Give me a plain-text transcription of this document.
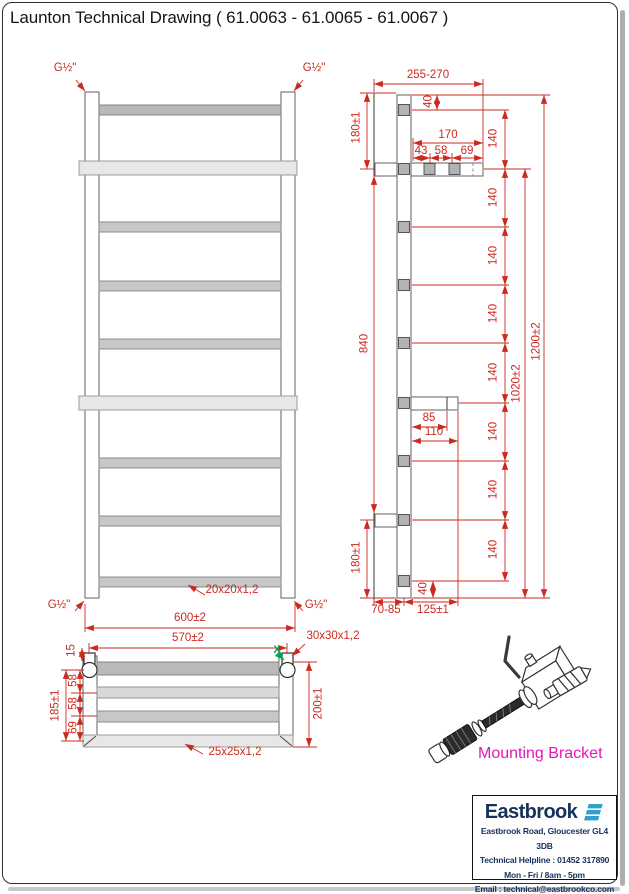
Launton Technical Drawing ( 61.0063 - 61.0065 - 61.0067 )
G½"	G½"
G½"	G½"
20x20x1,2
600±2
570±2	30x30x1,2
X
15
58
58
69
185±1	200±1
25x25x1,2
255-270
180±1
840
180±1
1200±2
1020±2
140
140
140
140
140
140
140
140
40
40
170
43 58 69
85
110
70-85	125±1
Mounting Bracket
Eastbrook
Eastbrook Road, Gloucester GL4 3DB
Technical Helpline : 01452 317890
Mon - Fri / 8am - 5pm
Email : technical@eastbrookco.com
